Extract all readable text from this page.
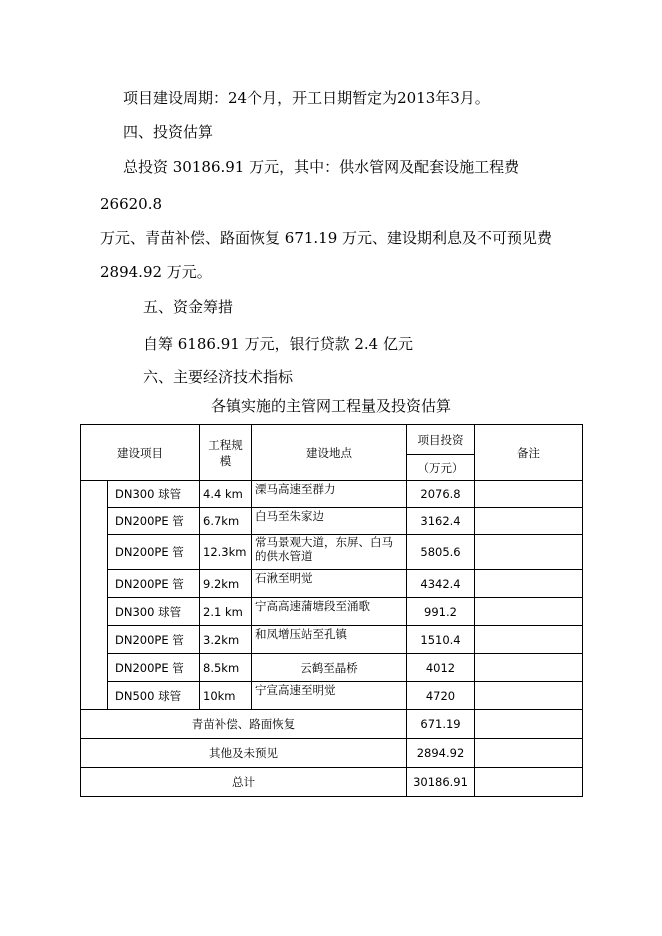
项目建设周期：24个月，开工日期暂定为2013年3月。
四、投资估算
总投资 30186.91 万元，其中：供水管网及配套设施工程费
26620.8
万元、青苗补偿、路面恢复 671.19 万元、建设期利息及不可预见费
2894.92 万元。
五、资金筹措
自筹 6186.91 万元，银行贷款 2.4 亿元
六、主要经济技术指标
各镇实施的主管网工程量及投资估算
建设项目		工程规模	建设地点	项目投资	备注
				（万元）	
	DN300 球管	4.4 km	溧马高速至群力	2076.8	
	DN200PE 管	6.7km	白马至朱家边	3162.4	
	DN200PE 管	12.3km	常马景观大道，东屏、白马的供水管道	5805.6	
	DN200PE 管	9.2km	石湫至明觉	4342.4	
	DN300 球管	2.1 km	宁高高速蒲塘段至涌歌	991.2	
	DN200PE 管	3.2km	和凤增压站至孔镇	1510.4	
	DN200PE 管	8.5km	云鹤至晶桥	4012	
	DN500 球管	10km	宁宣高速至明觉	4720	
青苗补偿、路面恢复				671.19	
其他及未预见				2894.92	
总计				30186.91	
